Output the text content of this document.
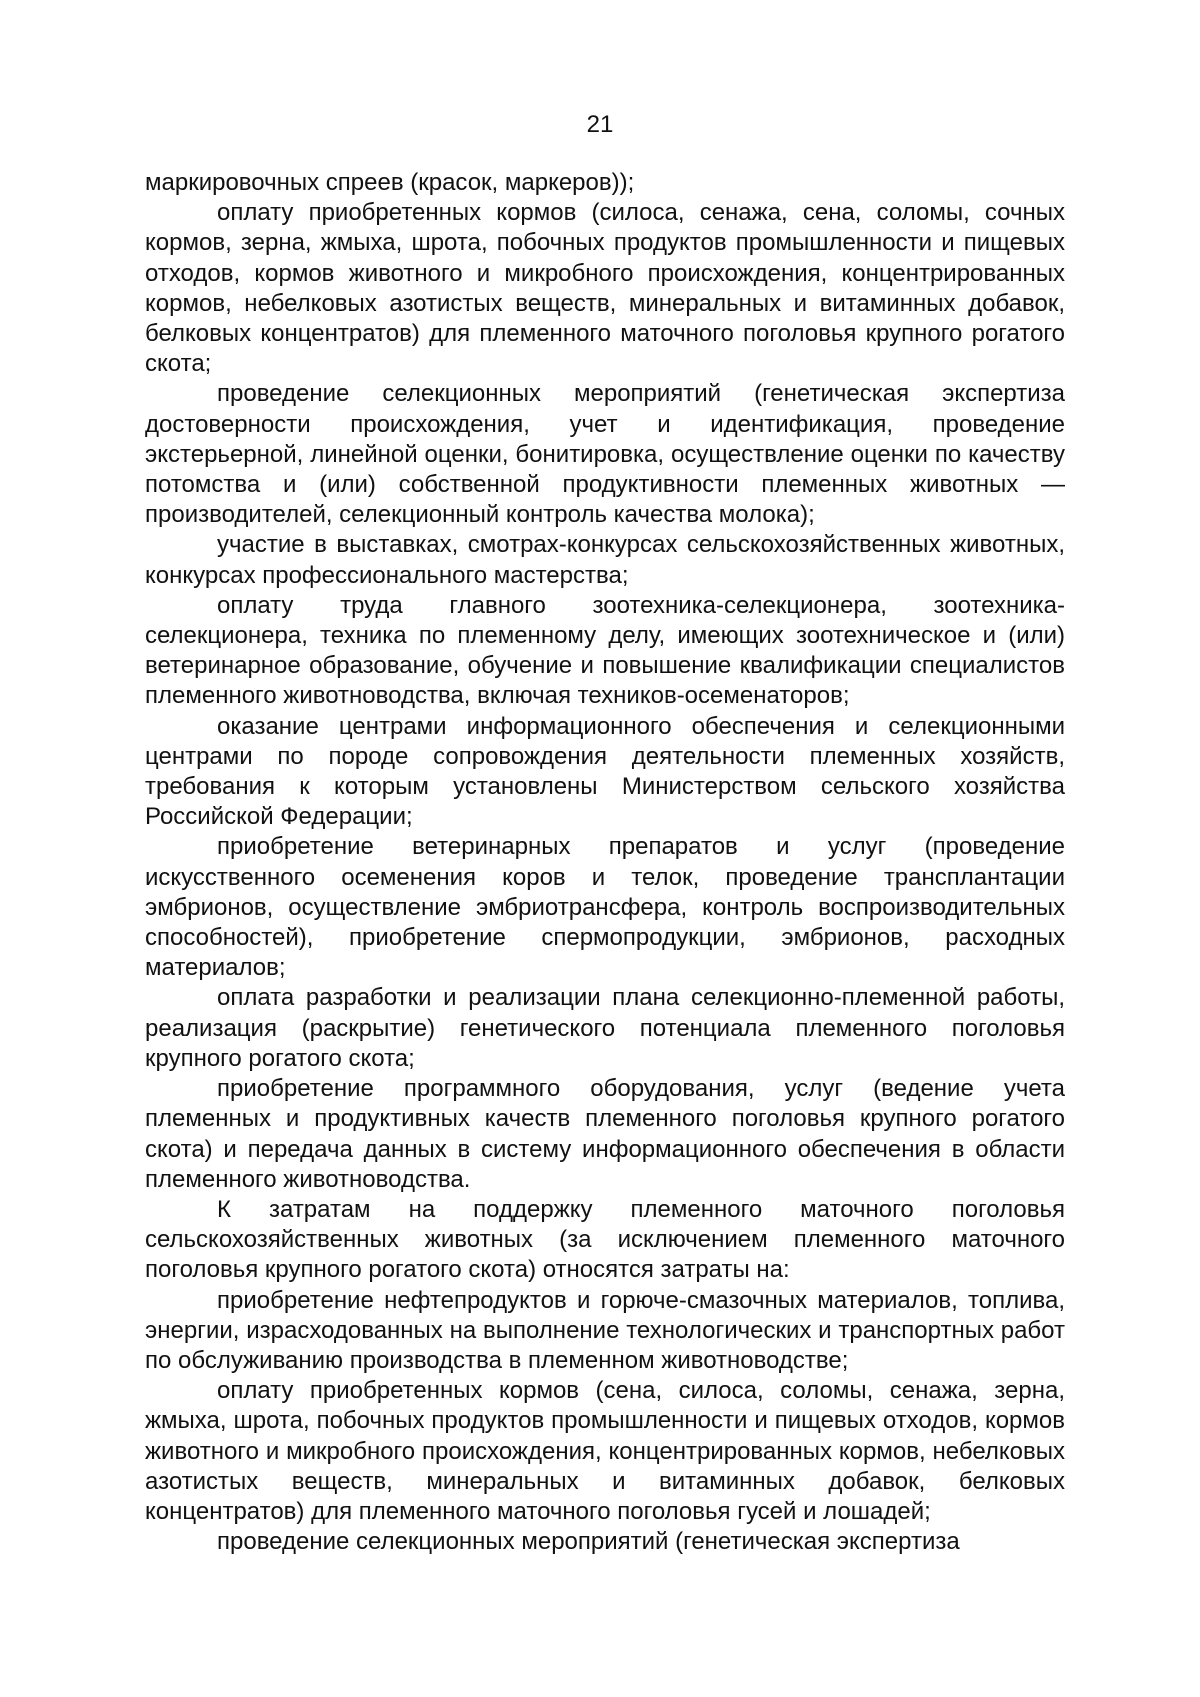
21

маркировочных спреев (красок, маркеров));

оплату приобретенных кормов (силоса, сенажа, сена, соломы, сочных кормов, зерна, жмыха, шрота, побочных продуктов промышленности и пищевых отходов, кормов животного и микробного происхождения, концентрированных кормов, небелковых азотистых веществ, минеральных и витаминных добавок, белковых концентратов) для племенного маточного поголовья крупного рогатого скота;

проведение селекционных мероприятий (генетическая экспертиза достоверности происхождения, учет и идентификация, проведение экстерьерной, линейной оценки, бонитировка, осуществление оценки по качеству потомства и (или) собственной продуктивности племенных животных — производителей, селекционный контроль качества молока);

участие в выставках, смотрах-конкурсах сельскохозяйственных животных, конкурсах профессионального мастерства;

оплату труда главного зоотехника-селекционера, зоотехника-селекционера, техника по племенному делу, имеющих зоотехническое и (или) ветеринарное образование, обучение и повышение квалификации специалистов племенного животноводства, включая техников-осеменаторов;

оказание центрами информационного обеспечения и селекционными центрами по породе сопровождения деятельности племенных хозяйств, требования к которым установлены Министерством сельского хозяйства Российской Федерации;

приобретение ветеринарных препаратов и услуг (проведение искусственного осеменения коров и телок, проведение трансплантации эмбрионов, осуществление эмбриотрансфера, контроль воспроизводительных способностей), приобретение спермопродукции, эмбрионов, расходных материалов;

оплата разработки и реализации плана селекционно-племенной работы, реализация (раскрытие) генетического потенциала племенного поголовья крупного рогатого скота;

приобретение программного оборудования, услуг (ведение учета племенных и продуктивных качеств племенного поголовья крупного рогатого скота) и передача данных в систему информационного обеспечения в области племенного животноводства.

К затратам на поддержку племенного маточного поголовья сельскохозяйственных животных (за исключением племенного маточного поголовья крупного рогатого скота) относятся затраты на:

приобретение нефтепродуктов и горюче-смазочных материалов, топлива, энергии, израсходованных на выполнение технологических и транспортных работ по обслуживанию производства в племенном животноводстве;

оплату приобретенных кормов (сена, силоса, соломы, сенажа, зерна, жмыха, шрота, побочных продуктов промышленности и пищевых отходов, кормов животного и микробного происхождения, концентрированных кормов, небелковых азотистых веществ, минеральных и витаминных добавок, белковых концентратов) для племенного маточного поголовья гусей и лошадей;

проведение селекционных мероприятий (генетическая экспертиза
